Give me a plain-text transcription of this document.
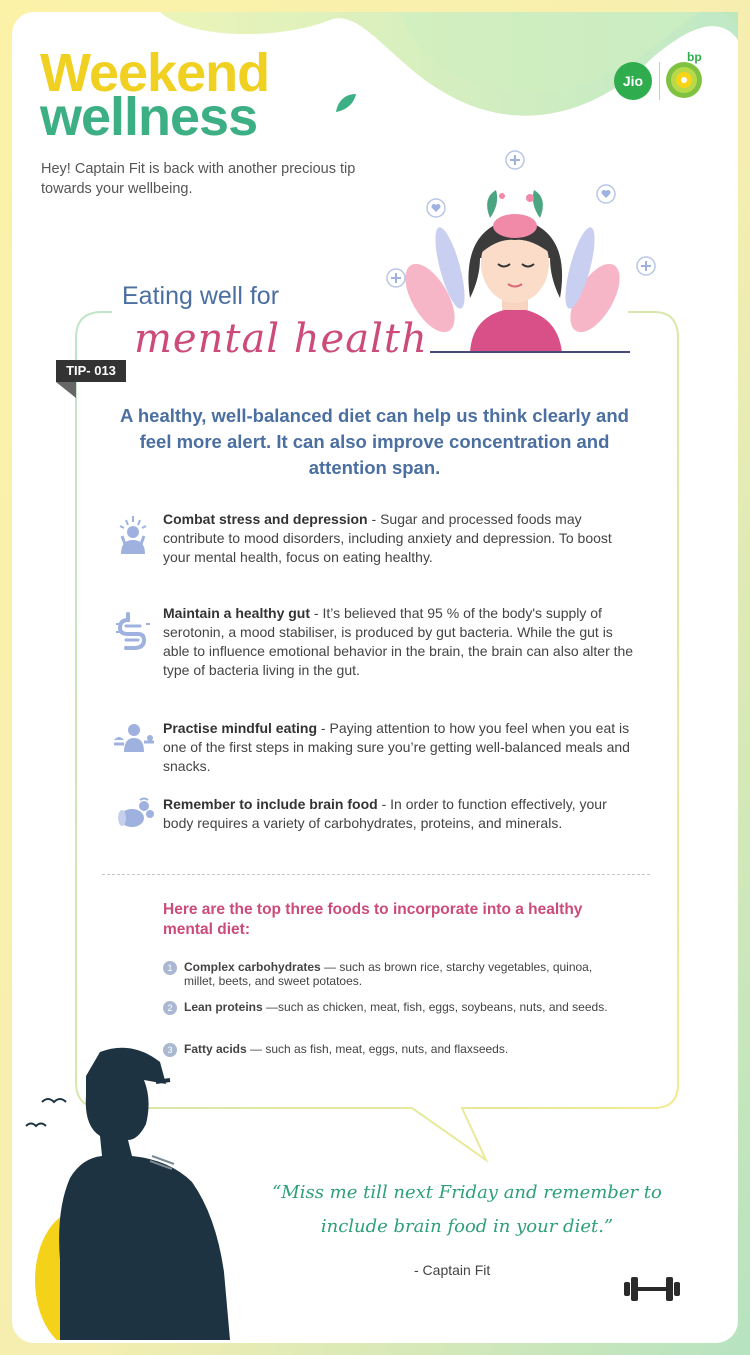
Weekend
wellness

Hey! Captain Fit is back with another precious tip towards your wellbeing.

Jio
bp
Eating well for
mental health
TIP- 013

A healthy, well-balanced diet can help us think clearly and feel more alert. It can also improve concentration and attention span.

Combat stress and depression - Sugar and processed foods may contribute to mood disorders, including anxiety and depression. To boost your mental health, focus on eating healthy.

Maintain a healthy gut - It’s believed that 95 % of the body's supply of serotonin, a mood stabiliser, is produced by gut bacteria. While the gut is able to influence emotional behavior in the brain, the brain can also alter the type of bacteria living in the gut.

Practise mindful eating - Paying attention to how you feel when you eat is one of the first steps in making sure you’re getting well-balanced meals and snacks.

Remember to include brain food - In order to function effectively, your body requires a variety of carbohydrates, proteins, and minerals.

Here are the top three foods to incorporate into a healthy mental diet:

1 Complex carbohydrates — such as brown rice, starchy vegetables, quinoa, millet, beets, and sweet potatoes.

2 Lean proteins —such as chicken, meat, fish, eggs, soybeans, nuts, and seeds.

3 Fatty acids — such as fish, meat, eggs, nuts, and flaxseeds.

“Miss me till next Friday and remember to include brain food in your diet.”

- Captain Fit
